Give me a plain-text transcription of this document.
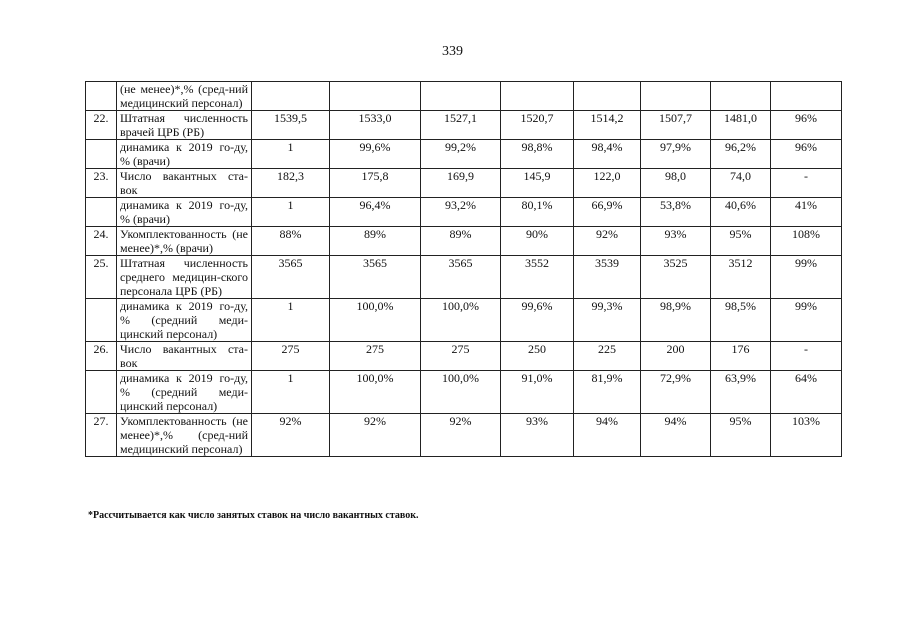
339
	(не менее)*,% (сред-ний медицинский персонал)								
22.	Штатная численность врачей ЦРБ (РБ)	1539,5	1533,0	1527,1	1520,7	1514,2	1507,7	1481,0	96%
	динамика к 2019 го-ду, % (врачи)	1	99,6%	99,2%	98,8%	98,4%	97,9%	96,2%	96%
23.	Число вакантных ста-вок	182,3	175,8	169,9	145,9	122,0	98,0	74,0	-
	динамика к 2019 го-ду, % (врачи)	1	96,4%	93,2%	80,1%	66,9%	53,8%	40,6%	41%
24.	Укомплектованность (не менее)*,% (врачи)	88%	89%	89%	90%	92%	93%	95%	108%
25.	Штатная численность среднего медицин-ского персонала ЦРБ (РБ)	3565	3565	3565	3552	3539	3525	3512	99%
	динамика к 2019 го-ду, % (средний меди-цинский персонал)	1	100,0%	100,0%	99,6%	99,3%	98,9%	98,5%	99%
26.	Число вакантных ста-вок	275	275	275	250	225	200	176	-
	динамика к 2019 го-ду, % (средний меди-цинский персонал)	1	100,0%	100,0%	91,0%	81,9%	72,9%	63,9%	64%
27.	Укомплектованность (не менее)*,% (сред-ний медицинский персонал)	92%	92%	92%	93%	94%	94%	95%	103%
*Рассчитывается как число занятых ставок на число вакантных ставок.
